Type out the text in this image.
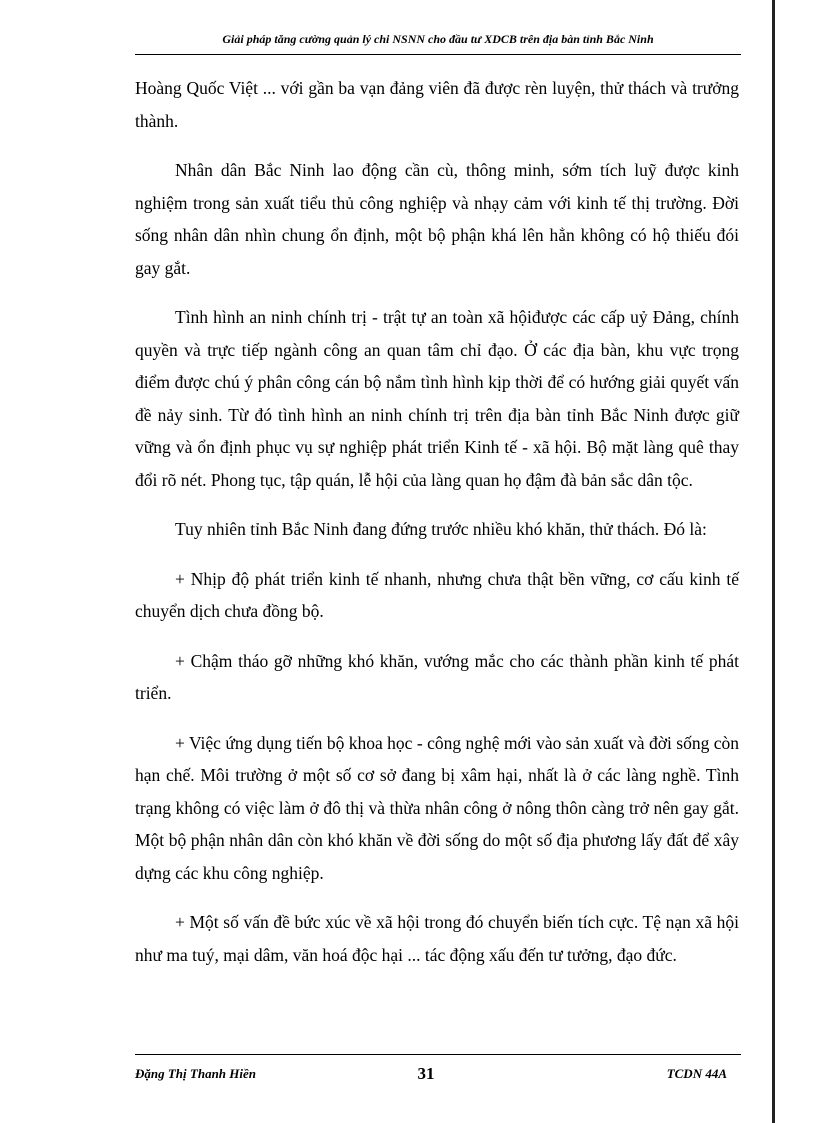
Giải pháp tăng cường quản lý chi NSNN cho đầu tư XDCB trên địa bàn tỉnh Bắc Ninh

Hoàng Quốc Việt ... với gần ba vạn đảng viên đã được rèn luyện, thử thách và trưởng thành.

Nhân dân Bắc Ninh lao động cần cù, thông minh, sớm tích luỹ được kinh nghiệm trong sản xuất tiểu thủ công nghiệp và nhạy cảm với kinh tế thị trường. Đời sống nhân dân nhìn chung ổn định, một bộ phận khá lên hẳn không có hộ thiếu đói gay gắt.

Tình hình an ninh chính trị - trật tự an toàn xã hộiđược các cấp uỷ Đảng, chính quyền và trực tiếp ngành công an quan tâm chỉ đạo. Ở các địa bàn, khu vực trọng điểm được chú ý phân công cán bộ nắm tình hình kịp thời để có hướng giải quyết vấn đề nảy sinh. Từ đó tình hình an ninh chính trị trên địa bàn tỉnh Bắc Ninh được giữ vững và ổn định phục vụ sự nghiệp phát triển Kinh tế - xã hội. Bộ mặt làng quê thay đổi rõ nét. Phong tục, tập quán, lễ hội của làng quan họ đậm đà bản sắc dân tộc.

Tuy nhiên tỉnh Bắc Ninh đang đứng trước nhiều khó khăn, thử thách. Đó là:

+ Nhịp độ phát triển kinh tế nhanh, nhưng chưa thật bền vững, cơ cấu kinh tế chuyển dịch chưa đồng bộ.

+ Chậm tháo gỡ những khó khăn, vướng mắc cho các thành phần kinh tế phát triển.

+ Việc ứng dụng tiến bộ khoa học - công nghệ mới vào sản xuất và đời sống còn hạn chế. Môi trường ở một số cơ sở đang bị xâm hại, nhất là ở các làng nghề. Tình trạng không có việc làm ở đô thị và thừa nhân công ở nông thôn càng trở nên gay gắt. Một bộ phận nhân dân còn khó khăn về đời sống do một số địa phương lấy đất để xây dựng các khu công nghiệp.

+ Một số vấn đề bức xúc về xã hội trong đó chuyển biến tích cực. Tệ nạn xã hội như ma tuý, mại dâm, văn hoá độc hại ... tác động xấu đến tư tưởng, đạo đức.

Đặng Thị Thanh Hiền	31	TCDN 44A
